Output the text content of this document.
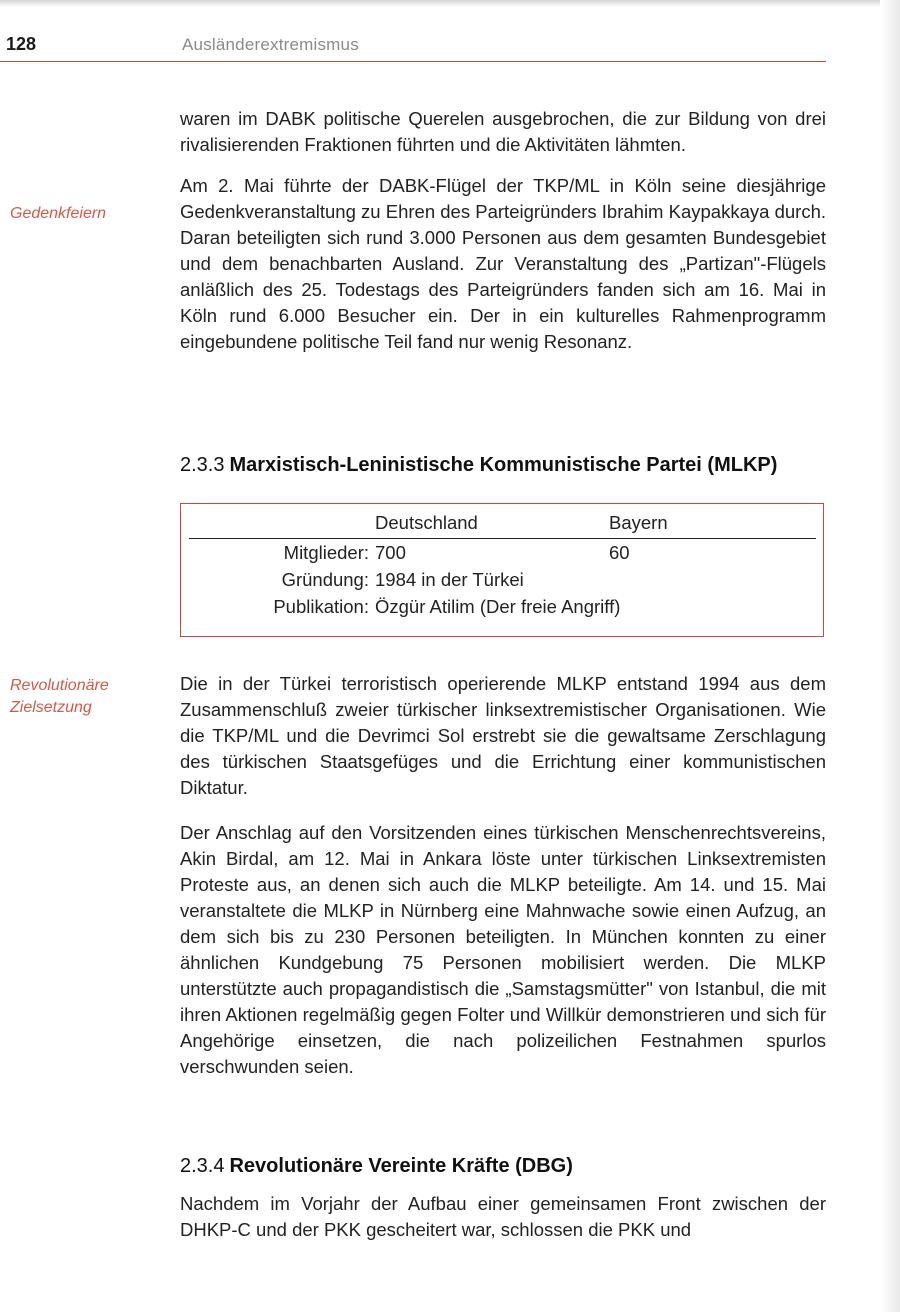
128	Ausländerextremismus

waren im DABK politische Querelen ausgebrochen, die zur Bildung von drei rivalisierenden Fraktionen führten und die Aktivitäten lähmten.

Gedenkfeiern

Am 2. Mai führte der DABK-Flügel der TKP/ML in Köln seine diesjährige Gedenkveranstaltung zu Ehren des Parteigründers Ibrahim Kaypakkaya durch. Daran beteiligten sich rund 3.000 Personen aus dem gesamten Bundesgebiet und dem benachbarten Ausland. Zur Veranstaltung des „Partizan"-Flügels anläßlich des 25. Todestags des Parteigründers fanden sich am 16. Mai in Köln rund 6.000 Besucher ein. Der in ein kulturelles Rahmenprogramm eingebundene politische Teil fand nur wenig Resonanz.

2.3.3 Marxistisch-Leninistische Kommunistische Partei (MLKP)
	Deutschland	Bayern
Mitglieder:	700	60
Gründung:	1984 in der Türkei	
Publikation:	Özgür Atilim (Der freie Angriff)	
Revolutionäre
Zielsetzung

Die in der Türkei terroristisch operierende MLKP entstand 1994 aus dem Zusammenschluß zweier türkischer linksextremistischer Organisationen. Wie die TKP/ML und die Devrimci Sol erstrebt sie die gewaltsame Zerschlagung des türkischen Staatsgefüges und die Errichtung einer kommunistischen Diktatur.

Der Anschlag auf den Vorsitzenden eines türkischen Menschenrechtsvereins, Akin Birdal, am 12. Mai in Ankara löste unter türkischen Linksextremisten Proteste aus, an denen sich auch die MLKP beteiligte. Am 14. und 15. Mai veranstaltete die MLKP in Nürnberg eine Mahnwache sowie einen Aufzug, an dem sich bis zu 230 Personen beteiligten. In München konnten zu einer ähnlichen Kundgebung 75 Personen mobilisiert werden. Die MLKP unterstützte auch propagandistisch die „Samstagsmütter" von Istanbul, die mit ihren Aktionen regelmäßig gegen Folter und Willkür demonstrieren und sich für Angehörige einsetzen, die nach polizeilichen Festnahmen spurlos verschwunden seien.

2.3.4 Revolutionäre Vereinte Kräfte (DBG)

Nachdem im Vorjahr der Aufbau einer gemeinsamen Front zwischen der DHKP-C und der PKK gescheitert war, schlossen die PKK und
